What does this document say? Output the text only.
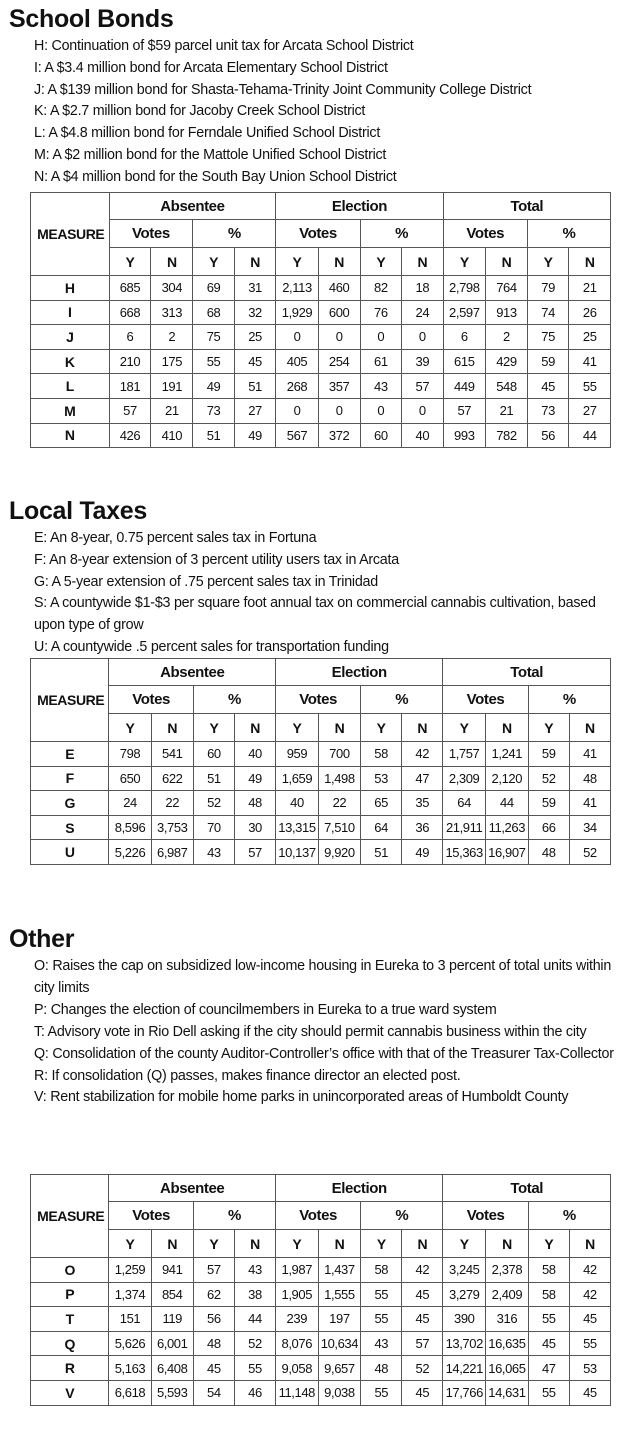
School Bonds
H: Continuation of $59 parcel unit tax for Arcata School District
I: A $3.4 million bond for Arcata Elementary School District
J: A $139 million bond for Shasta-Tehama-Trinity Joint Community College District
K: A $2.7 million bond for Jacoby Creek School District
L: A $4.8 million bond for Ferndale Unified School District
M: A $2 million bond for the Mattole Unified School District
N: A $4 million bond for the South Bay Union School District
MEASURE	Absentee				Election				Total			
	Votes		%		Votes		%		Votes		%	
	Y	N	Y	N	Y	N	Y	N	Y	N	Y	N
H	685	304	69	31	2,113	460	82	18	2,798	764	79	21
I	668	313	68	32	1,929	600	76	24	2,597	913	74	26
J	6	2	75	25	0	0	0	0	6	2	75	25
K	210	175	55	45	405	254	61	39	615	429	59	41
L	181	191	49	51	268	357	43	57	449	548	45	55
M	57	21	73	27	0	0	0	0	57	21	73	27
N	426	410	51	49	567	372	60	40	993	782	56	44
Local Taxes
E: An 8-year, 0.75 percent sales tax in Fortuna
F: An 8-year extension of 3 percent utility users tax in Arcata
G: A 5-year extension of .75 percent sales tax in Trinidad
S: A countywide $1-$3 per square foot annual tax on commercial cannabis cultivation, based upon type of grow
U: A countywide .5 percent sales for transportation funding
MEASURE	Absentee				Election				Total			
	Votes		%		Votes		%		Votes		%	
	Y	N	Y	N	Y	N	Y	N	Y	N	Y	N
E	798	541	60	40	959	700	58	42	1,757	1,241	59	41
F	650	622	51	49	1,659	1,498	53	47	2,309	2,120	52	48
G	24	22	52	48	40	22	65	35	64	44	59	41
S	8,596	3,753	70	30	13,315	7,510	64	36	21,911	11,263	66	34
U	5,226	6,987	43	57	10,137	9,920	51	49	15,363	16,907	48	52
Other
O: Raises the cap on subsidized low-income housing in Eureka to 3 percent of total units within city limits
P: Changes the election of councilmembers in Eureka to a true ward system
T: Advisory vote in Rio Dell asking if the city should permit cannabis business within the city
Q: Consolidation of the county Auditor-Controller’s office with that of the Treasurer Tax-Collector
R: If consolidation (Q) passes, makes finance director an elected post.
V: Rent stabilization for mobile home parks in unincorporated areas of Humboldt County
MEASURE	Absentee				Election				Total			
	Votes		%		Votes		%		Votes		%	
	Y	N	Y	N	Y	N	Y	N	Y	N	Y	N
O	1,259	941	57	43	1,987	1,437	58	42	3,245	2,378	58	42
P	1,374	854	62	38	1,905	1,555	55	45	3,279	2,409	58	42
T	151	119	56	44	239	197	55	45	390	316	55	45
Q	5,626	6,001	48	52	8,076	10,634	43	57	13,702	16,635	45	55
R	5,163	6,408	45	55	9,058	9,657	48	52	14,221	16,065	47	53
V	6,618	5,593	54	46	11,148	9,038	55	45	17,766	14,631	55	45
